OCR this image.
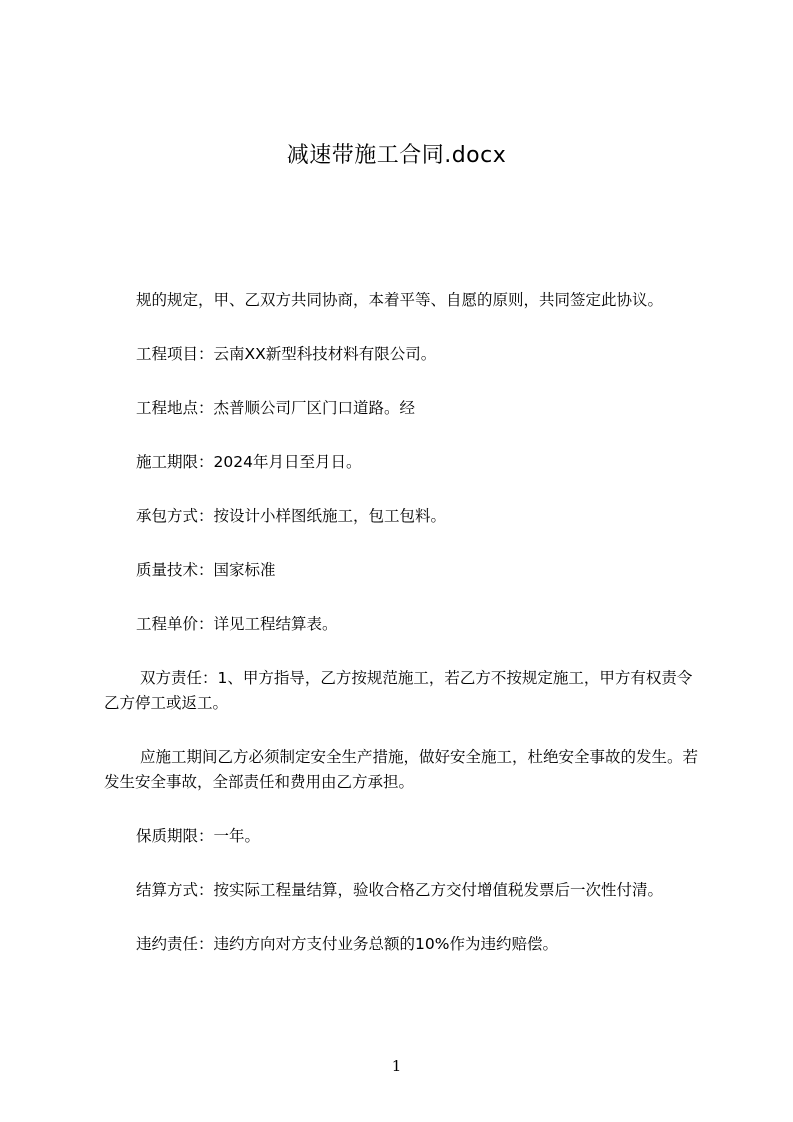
减速带施工合同.docx

规的规定，甲、乙双方共同协商，本着平等、自愿的原则，共同签定此协议。

工程项目：云南XX新型科技材料有限公司。

工程地点：杰普顺公司厂区门口道路。经

施工期限：2024年月日至月日。

承包方式：按设计小样图纸施工，包工包料。

质量技术：国家标准

工程单价：详见工程结算表。

双方责任：1、甲方指导，乙方按规范施工，若乙方不按规定施工，甲方有权责令乙方停工或返工。

应施工期间乙方必须制定安全生产措施，做好安全施工，杜绝安全事故的发生。若发生安全事故，全部责任和费用由乙方承担。

保质期限：一年。

结算方式：按实际工程量结算，验收合格乙方交付增值税发票后一次性付清。

违约责任：违约方向对方支付业务总额的10%作为违约赔偿。

1
